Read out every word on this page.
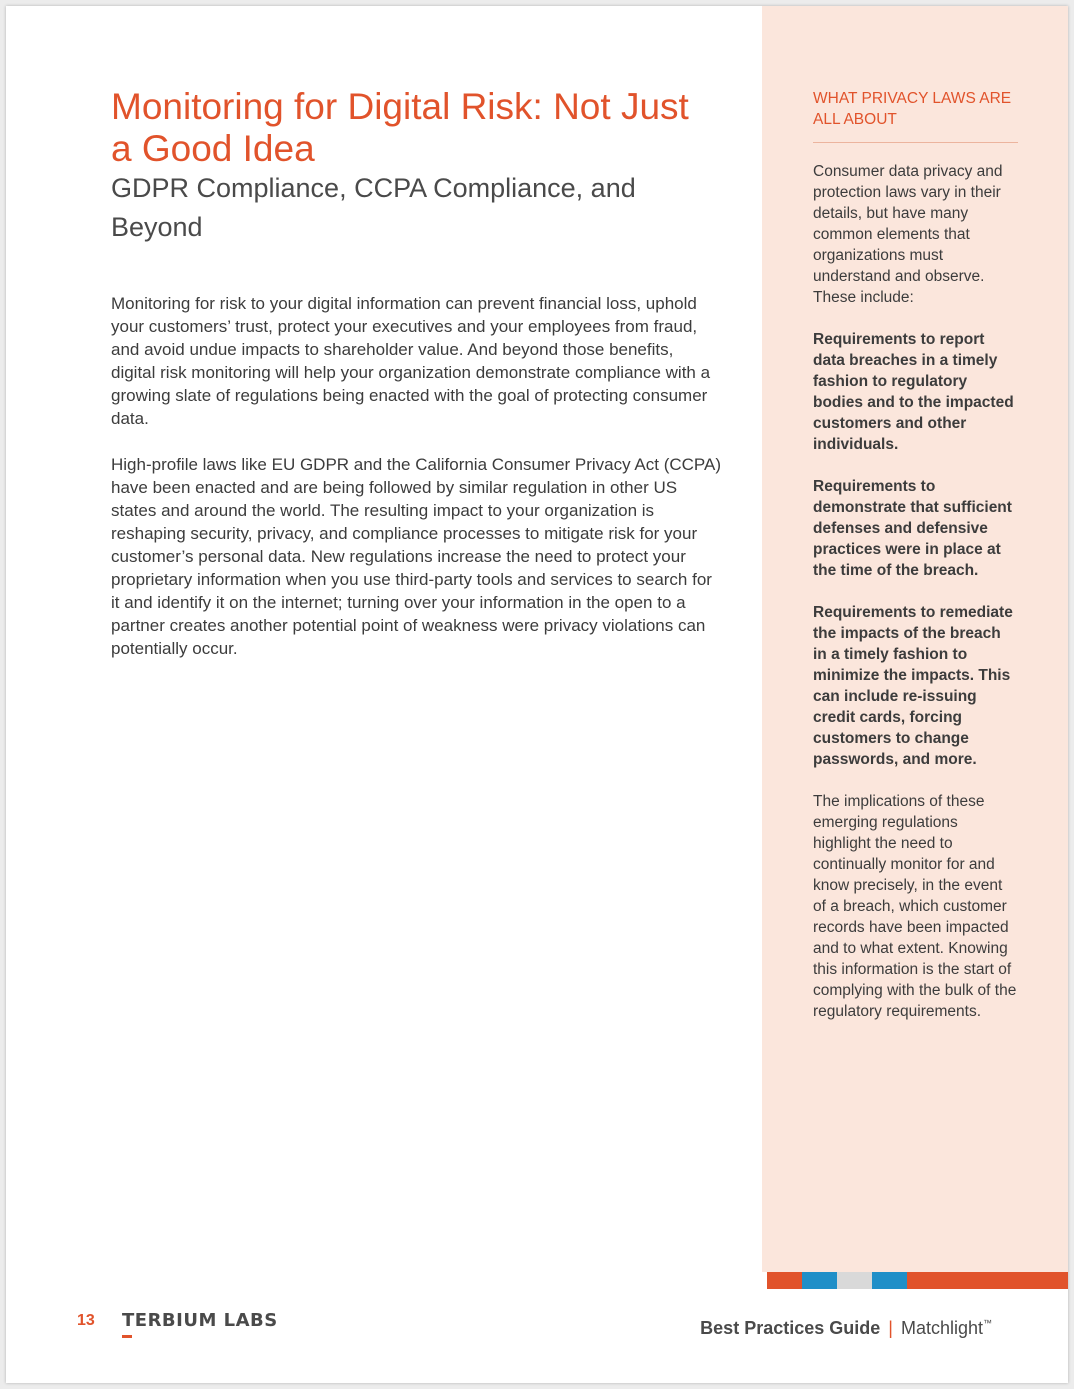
Monitoring for Digital Risk: Not Just a Good Idea
GDPR Compliance, CCPA Compliance, and Beyond

Monitoring for risk to your digital information can prevent financial loss, uphold your customers’ trust, protect your executives and your employees from fraud, and avoid undue impacts to shareholder value. And beyond those benefits, digital risk monitoring will help your organization demonstrate compliance with a growing slate of regulations being enacted with the goal of protecting consumer data.

High-profile laws like EU GDPR and the California Consumer Privacy Act (CCPA) have been enacted and are being followed by similar regulation in other US states and around the world. The resulting impact to your organization is reshaping security, privacy, and compliance processes to mitigate risk for your customer’s personal data. New regulations increase the need to protect your proprietary information when you use third-party tools and services to search for it and identify it on the internet; turning over your information in the open to a partner creates another potential point of weakness were privacy violations can potentially occur.

WHAT PRIVACY LAWS ARE ALL ABOUT

Consumer data privacy and protection laws vary in their details, but have many common elements that organizations must understand and observe. These include:

Requirements to report data breaches in a timely fashion to regulatory bodies and to the impacted customers and other individuals.

Requirements to demonstrate that sufficient defenses and defensive practices were in place at the time of the breach.

Requirements to remediate the impacts of the breach in a timely fashion to minimize the impacts. This can include re-issuing credit cards, forcing customers to change passwords, and more.

The implications of these emerging regulations highlight the need to continually monitor for and know precisely, in the event of a breach, which customer records have been impacted and to what extent. Knowing this information is the start of complying with the bulk of the regulatory requirements.

13 TERBIUM LABS	Best Practices Guide | Matchlight™
